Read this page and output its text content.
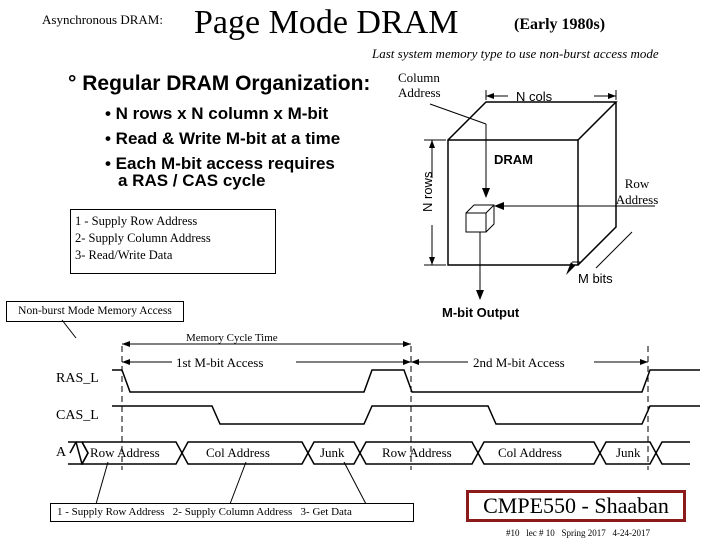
Asynchronous DRAM: Page Mode DRAM	(Early 1980s)
Last system memory type to use non-burst access mode
° Regular DRAM Organization:
• N rows x N column x M-bit
• Read & Write M-bit at a time
• Each M-bit access requires
a RAS / CAS cycle
1 - Supply Row Address
2- Supply Column Address
3- Read/Write Data
Non-burst Mode Memory Access
Column
Address	N cols
DRAM
N rows	Row
Address
M bits
M-bit Output
Memory Cycle Time
1st M-bit Access	2nd M-bit Access
RAS_L
CAS_L
A Row Address	Col Address	Junk	Row Address	Col Address	Junk
1 - Supply Row Address   2- Supply Column Address   3- Get Data	CMPE550 - Shaaban
#10   lec # 10   Spring 2017   4-24-2017
